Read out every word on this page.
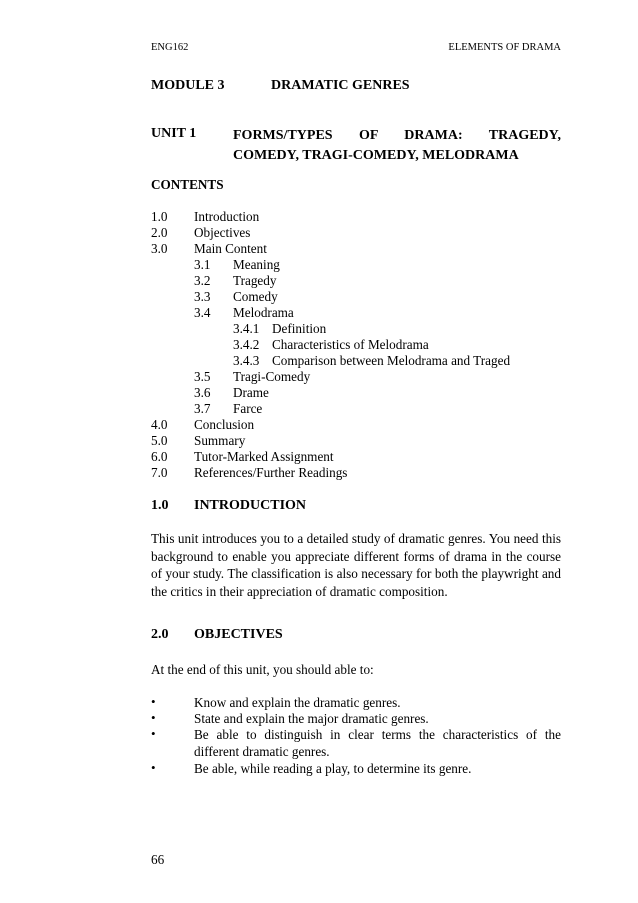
ENG162	ELEMENTS OF DRAMA
MODULE 3	DRAMATIC GENRES
UNIT 1	FORMS/TYPES OF DRAMA: TRAGEDY,
COMEDY, TRAGI-COMEDY, MELODRAMA
CONTENTS
1.0 Introduction
2.0 Objectives
3.0 Main Content
3.1 Meaning
3.2 Tragedy
3.3 Comedy
3.4 Melodrama
3.4.1 Definition
3.4.2 Characteristics of Melodrama
3.4.3 Comparison between Melodrama and Traged
3.5 Tragi-Comedy
3.6 Drame
3.7 Farce
4.0 Conclusion
5.0 Summary
6.0 Tutor-Marked Assignment
7.0 References/Further Readings
1.0 INTRODUCTION
This unit introduces you to a detailed study of dramatic genres. You need this background to enable you appreciate different forms of drama in the course of your study. The classification is also necessary for both the playwright and the critics in their appreciation of dramatic composition.
2.0 OBJECTIVES
At the end of this unit, you should able to:
•	Know and explain the dramatic genres.
•	State and explain the major dramatic genres.
•	Be able to distinguish in clear terms the characteristics of the different dramatic genres.
•	Be able, while reading a play, to determine its genre.
66
